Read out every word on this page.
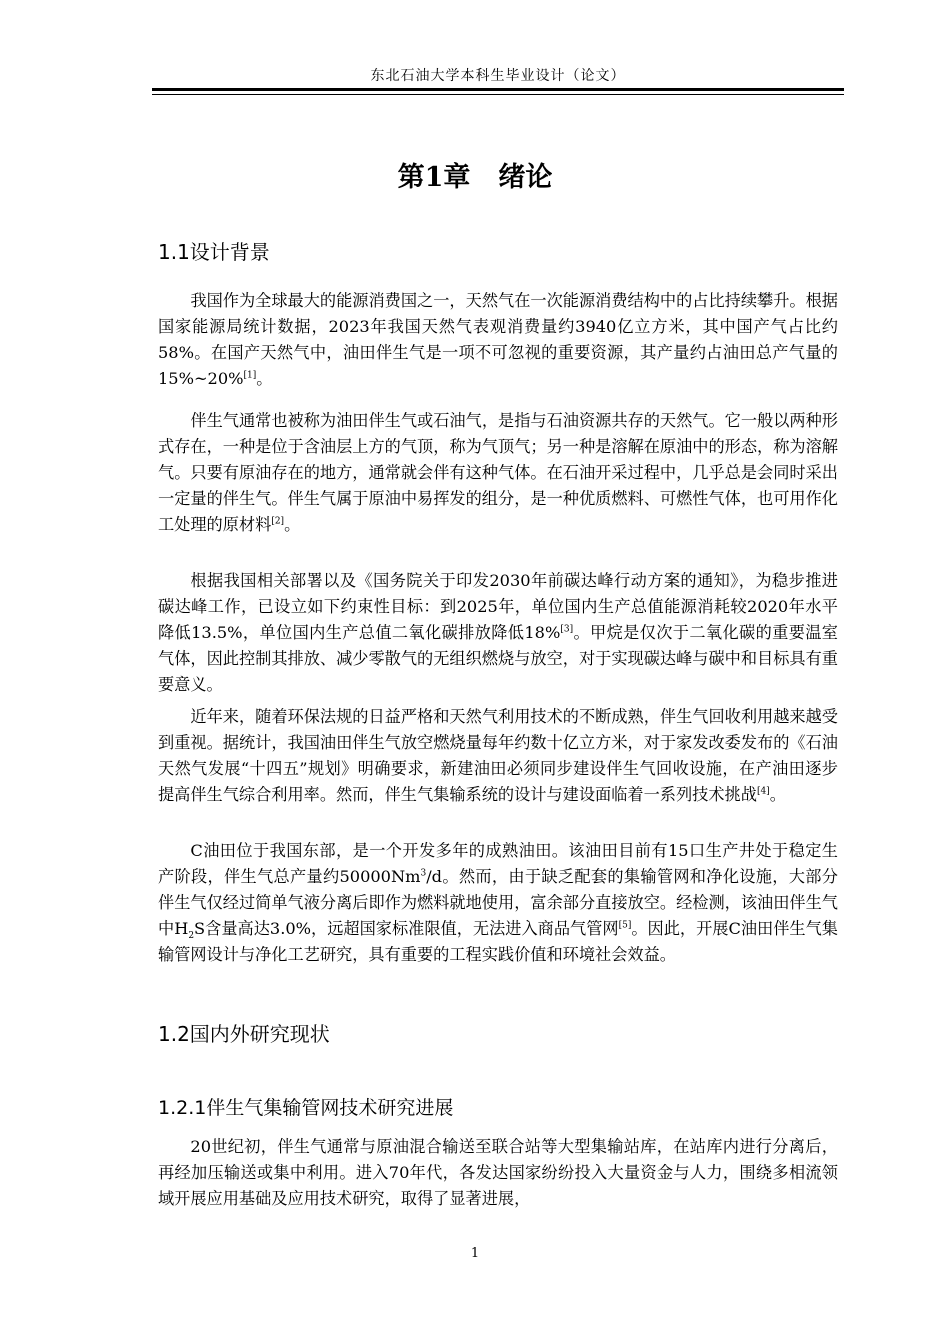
东北石油大学本科生毕业设计（论文）
第1章 绪论
1.1设计背景

我国作为全球最大的能源消费国之一，天然气在一次能源消费结构中的占比持续攀升。根据国家能源局统计数据，2023年我国天然气表观消费量约3940亿立方米，其中国产气占比约58%。在国产天然气中，油田伴生气是一项不可忽视的重要资源，其产量约占油田总产气量的15%~20%[1]。

伴生气通常也被称为油田伴生气或石油气，是指与石油资源共存的天然气。它一般以两种形式存在，一种是位于含油层上方的气顶，称为气顶气；另一种是溶解在原油中的形态，称为溶解气。只要有原油存在的地方，通常就会伴有这种气体。在石油开采过程中，几乎总是会同时采出一定量的伴生气。伴生气属于原油中易挥发的组分，是一种优质燃料、可燃性气体，也可用作化工处理的原材料[2]。

根据我国相关部署以及《国务院关于印发2030年前碳达峰行动方案的通知》，为稳步推进碳达峰工作，已设立如下约束性目标：到2025年，单位国内生产总值能源消耗较2020年水平降低13.5%，单位国内生产总值二氧化碳排放降低18%[3]。甲烷是仅次于二氧化碳的重要温室气体，因此控制其排放、减少零散气的无组织燃烧与放空，对于实现碳达峰与碳中和目标具有重要意义。

近年来，随着环保法规的日益严格和天然气利用技术的不断成熟，伴生气回收利用越来越受到重视。据统计，我国油田伴生气放空燃烧量每年约数十亿立方米，对于家发改委发布的《石油天然气发展“十四五”规划》明确要求，新建油田必须同步建设伴生气回收设施，在产油田逐步提高伴生气综合利用率。然而，伴生气集输系统的设计与建设面临着一系列技术挑战[4]。

C油田位于我国东部，是一个开发多年的成熟油田。该油田目前有15口生产井处于稳定生产阶段，伴生气总产量约50000Nm$^3$/d。然而，由于缺乏配套的集输管网和净化设施，大部分伴生气仅经过简单气液分离后即作为燃料就地使用，富余部分直接放空。经检测，该油田伴生气中$H_2S$含量高达3.0%，远超国家标准限值，无法进入商品气管网[5]。因此，开展C油田伴生气集输管网设计与净化工艺研究，具有重要的工程实践价值和环境社会效益。

1.2国内外研究现状
1.2.1伴生气集输管网技术研究进展

20世纪初，伴生气通常与原油混合输送至联合站等大型集输站库，在站库内进行分离后，再经加压输送或集中利用。进入70年代，各发达国家纷纷投入大量资金与人力，围绕多相流领域开展应用基础及应用技术研究，取得了显著进展，

1
